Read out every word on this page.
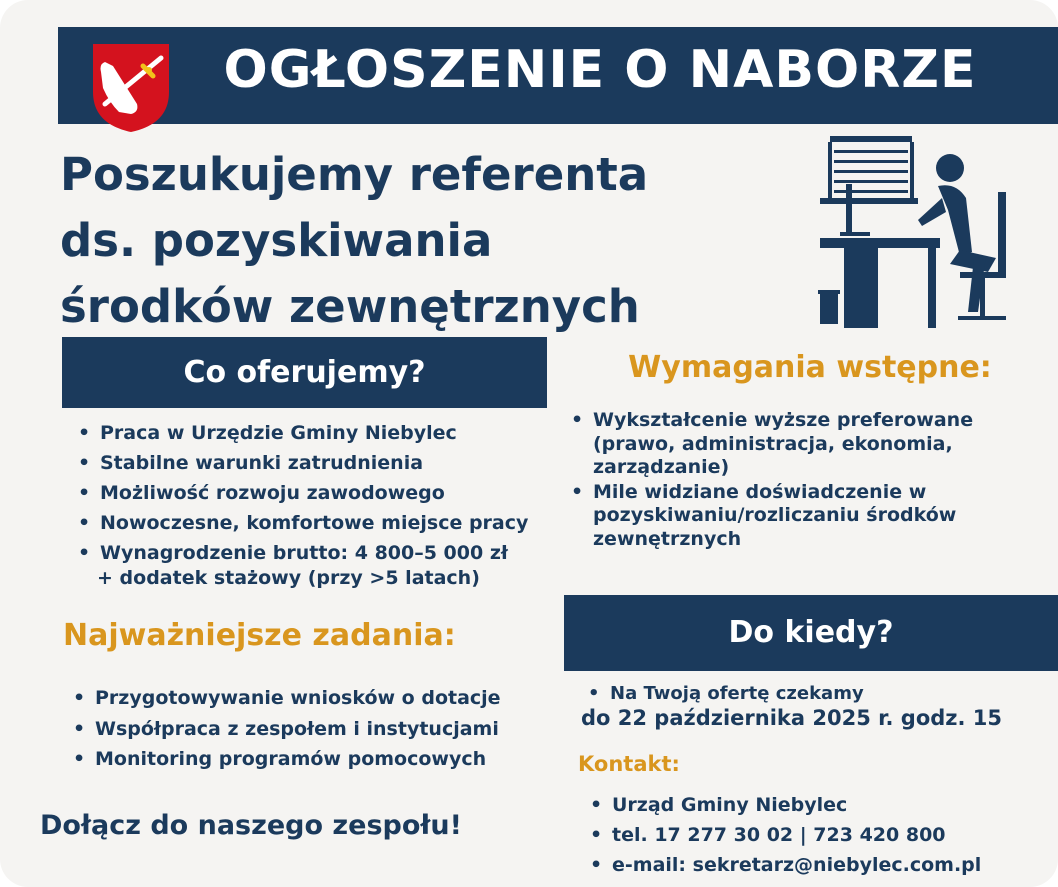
OGŁOSZENIE O NABORZE
Poszukujemy referenta
ds. pozyskiwania
środków zewnętrznych
Co oferujemy?
• Praca w Urzędzie Gminy Niebylec
• Stabilne warunki zatrudnienia
• Możliwość rozwoju zawodowego
• Nowoczesne, komfortowe miejsce pracy
• Wynagrodzenie brutto: 4 800–5 000 zł
+ dodatek stażowy (przy >5 latach)
Wymagania wstępne:
• Wykształcenie wyższe preferowane (prawo, administracja, ekonomia, zarządzanie)
• Mile widziane doświadczenie w pozyskiwaniu/rozliczaniu środków zewnętrznych
Najważniejsze zadania:
• Przygotowywanie wniosków o dotacje
• Współpraca z zespołem i instytucjami
• Monitoring programów pomocowych
Do kiedy?
• Na Twoją ofertę czekamy
do 22 października 2025 r. godz. 15
Kontakt:
• Urząd Gminy Niebylec
• tel. 17 277 30 02 | 723 420 800
• e-mail: sekretarz@niebylec.com.pl
Dołącz do naszego zespołu!
